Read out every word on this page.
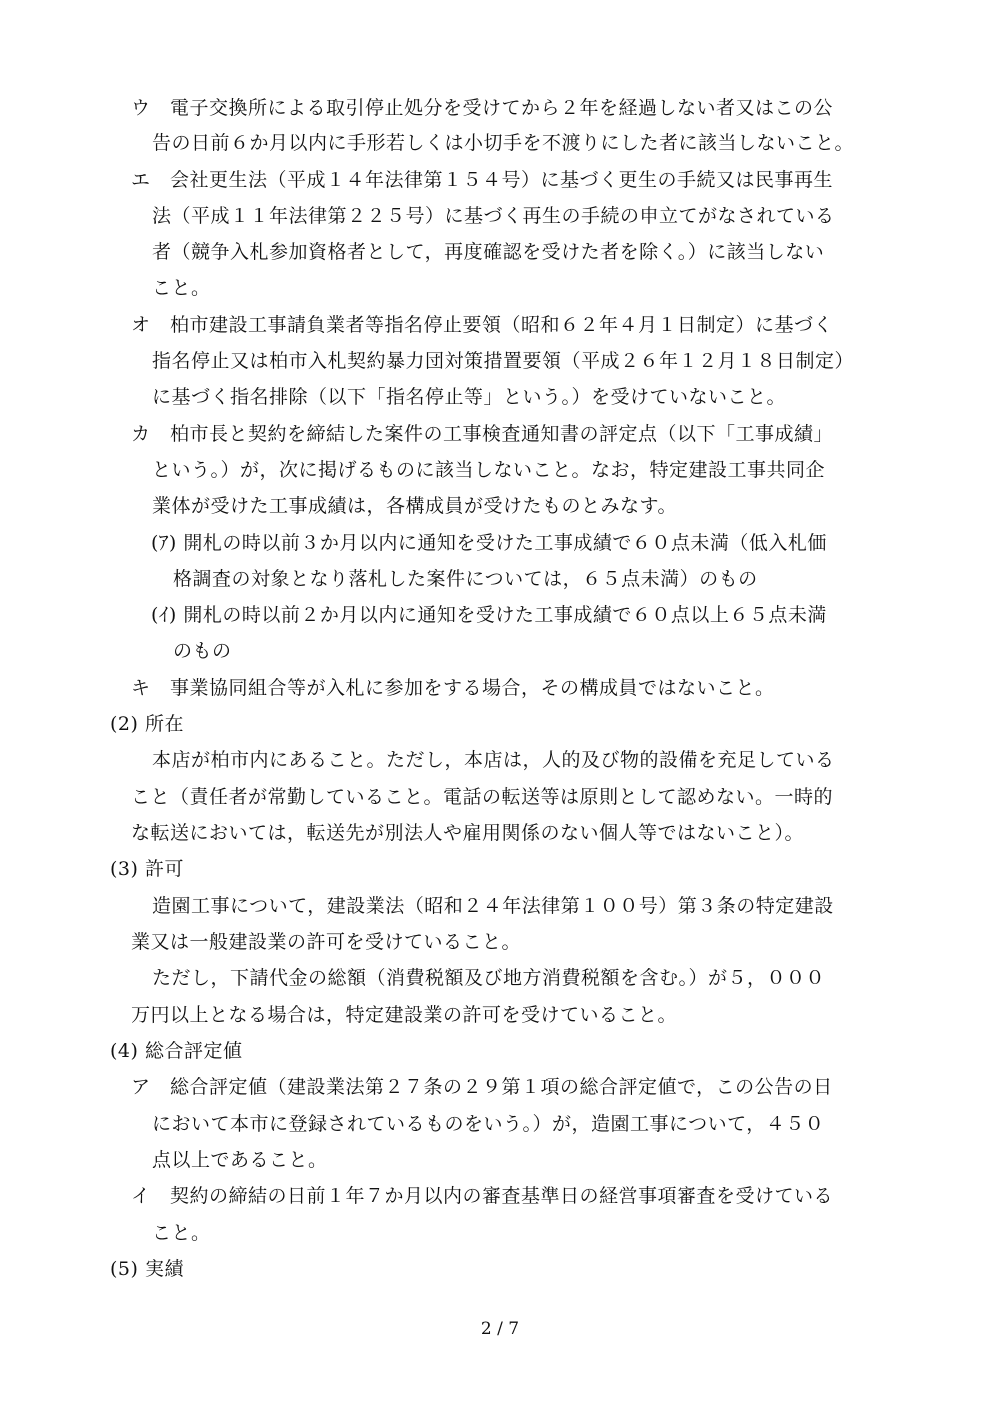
ウ　電子交換所による取引停止処分を受けてから２年を経過しない者又はこの公
告の日前６か月以内に手形若しくは小切手を不渡りにした者に該当しないこと。
エ　会社更生法（平成１４年法律第１５４号）に基づく更生の手続又は民事再生
法（平成１１年法律第２２５号）に基づく再生の手続の申立てがなされている
者（競争入札参加資格者として，再度確認を受けた者を除く。）に該当しない
こと。
オ　柏市建設工事請負業者等指名停止要領（昭和６２年４月１日制定）に基づく
指名停止又は柏市入札契約暴力団対策措置要領（平成２６年１２月１８日制定）
に基づく指名排除（以下「指名停止等」という。）を受けていないこと。
カ　柏市長と契約を締結した案件の工事検査通知書の評定点（以下「工事成績」
という。）が，次に掲げるものに該当しないこと。なお，特定建設工事共同企
業体が受けた工事成績は，各構成員が受けたものとみなす。
(ｱ) 開札の時以前３か月以内に通知を受けた工事成績で６０点未満（低入札価
格調査の対象となり落札した案件については，６５点未満）のもの
(ｲ) 開札の時以前２か月以内に通知を受けた工事成績で６０点以上６５点未満
のもの
キ　事業協同組合等が入札に参加をする場合，その構成員ではないこと。
(2) 所在
本店が柏市内にあること。ただし，本店は，人的及び物的設備を充足している
こと（責任者が常勤していること。電話の転送等は原則として認めない。一時的
な転送においては，転送先が別法人や雇用関係のない個人等ではないこと）。
(3) 許可
造園工事について，建設業法（昭和２４年法律第１００号）第３条の特定建設
業又は一般建設業の許可を受けていること。
ただし，下請代金の総額（消費税額及び地方消費税額を含む。）が５，０００
万円以上となる場合は，特定建設業の許可を受けていること。
(4) 総合評定値
ア　総合評定値（建設業法第２７条の２９第１項の総合評定値で，この公告の日
において本市に登録されているものをいう。）が，造園工事について，４５０
点以上であること。
イ　契約の締結の日前１年７か月以内の審査基準日の経営事項審査を受けている
こと。
(5) 実績
2 / 7
